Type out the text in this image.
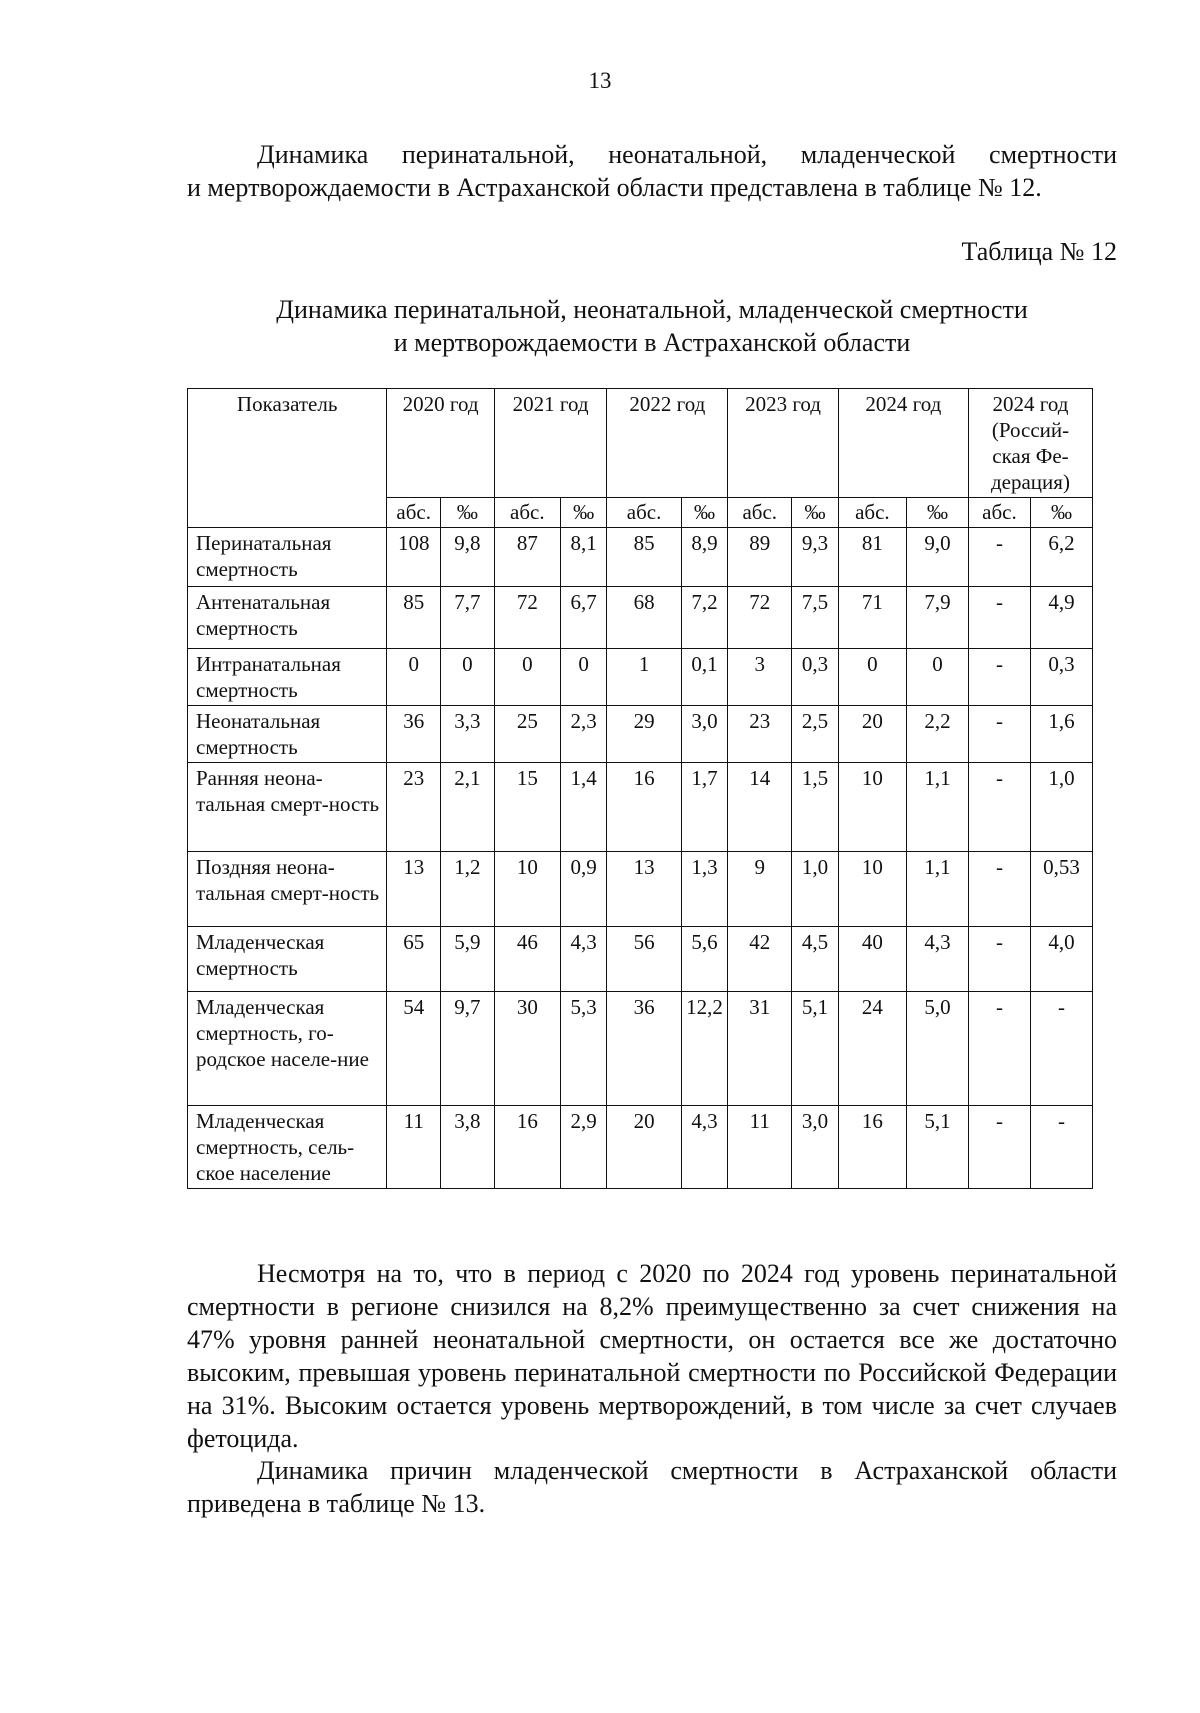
13

Динамика перинатальной, неонатальной, младенческой смертности
и мертворождаемости в Астраханской области представлена в таблице № 12.

Таблица № 12

Динамика перинатальной, неонатальной, младенческой смертности
и мертворождаемости в Астраханской области

Показатель	2020 год		2021 год		2022 год		2023 год		2024 год		2024 год (Россий-ская Фе-дерация)	
	абс.	‰	абс.	‰	абс.	‰	абс.	‰	абс.	‰	абс.	‰
Перинатальная смертность	108	9,8	87	8,1	85	8,9	89	9,3	81	9,0	-	6,2
Антенатальная смертность	85	7,7	72	6,7	68	7,2	72	7,5	71	7,9	-	4,9
Интранатальная смертность	0	0	0	0	1	0,1	3	0,3	0	0	-	0,3
Неонатальная смертность	36	3,3	25	2,3	29	3,0	23	2,5	20	2,2	-	1,6
Ранняя неона-тальная смерт-ность	23	2,1	15	1,4	16	1,7	14	1,5	10	1,1	-	1,0
Поздняя неона-тальная смерт-ность	13	1,2	10	0,9	13	1,3	9	1,0	10	1,1	-	0,53
Младенческая смертность	65	5,9	46	4,3	56	5,6	42	4,5	40	4,3	-	4,0
Младенческая смертность, го-родское населе-ние	54	9,7	30	5,3	36	12,2	31	5,1	24	5,0	-	-
Младенческая смертность, сель-ское население	11	3,8	16	2,9	20	4,3	11	3,0	16	5,1	-	-

Несмотря на то, что в период с 2020 по 2024 год уровень перинатальной смертности в регионе снизился на 8,2% преимущественно за счет снижения на 47% уровня ранней неонатальной смертности, он остается все же достаточно высоким, превышая уровень перинатальной смертности по Российской Федерации на 31%. Высоким остается уровень мертворождений, в том числе за счет случаев фетоцида.

Динамика причин младенческой смертности в Астраханской области приведена в таблице № 13.
